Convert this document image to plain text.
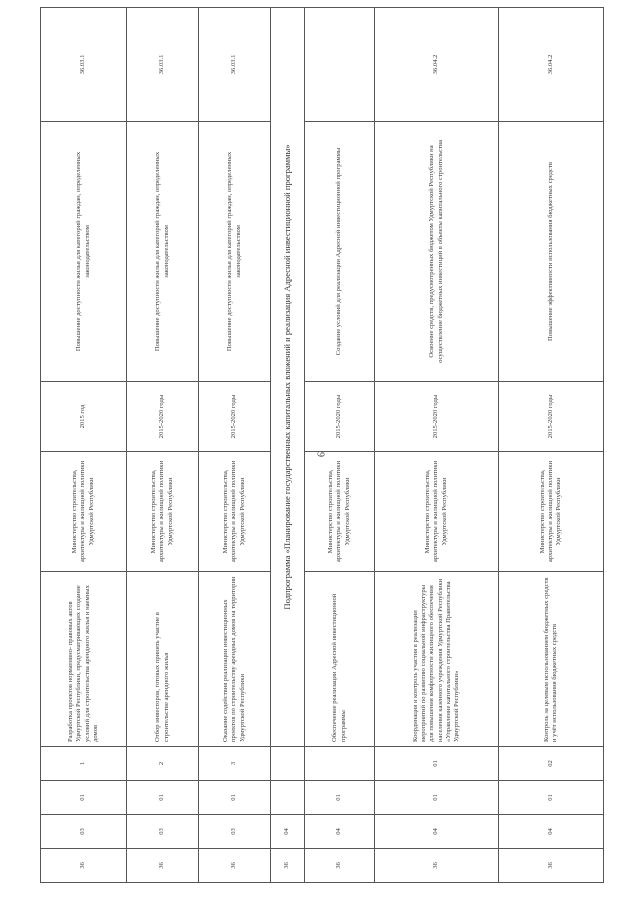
9
36	03	01	1	Разработка проектов нормативно- правовых актов Удмуртской Республики, предусматривающих создание условий для строительства арендного жилья и наемных домов	Министерство строительства, архитектуры и жилищной политики Удмуртской Республики	2015 год	Повышение доступности жилья для категорий граждан, определенных законодательством	36.03.1
36	03	01	2	Отбор инвесторов, готовых принять участие в строительстве арендного жилья	Министерство строительства, архитектуры и жилищной политики Удмуртской Республики	2015-2020 годы	Повышение доступности жилья для категорий граждан, определенных законодательством	36.03.1
36	03	01	3	Оказание содействия реализации инвестиционных проектов по строительству арендных домов на территории Удмуртской Республики	Министерство строительства, архитектуры и жилищной политики Удмуртской Республики	2015-2020 годы	Повышение доступности жилья для категорий граждан, определенных законодательством	36.03.1
36	04			Подпрограмма «Планирование государственных капитальных вложений и реализация Адресной инвестиционной программы»				
36	04	01		Обеспечение реализации Адресной инвестиционной программы	Министерство строительства, архитектуры и жилищной политики Удмуртской Республики	2015-2020 годы	Создание условий для реализации Адресной инвестиционной программы	
36	04	01	01	Координация и контроль участия в реализации мероприятий по развитию социальной инфраструктуры для повышения комфортности жилищного обеспечения населения казенного учреждения Удмуртской Республики «Управление капитального строительства Правительства Удмуртской Республики»	Министерство строительства, архитектуры и жилищной политики Удмуртской Республики	2015-2020 годы	Освоение средств, предусмотренных бюджетом Удмуртской Республики на осуществление бюджетных инвестиций в объекты капитального строительства	36.04.2
36	04	01	02	Контроль за целевым использованием бюджетных средств и учёт использования бюджетных средств	Министерство строительства, архитектуры и жилищной политики Удмуртской Республики	2015-2020 годы	Повышение эффективности использования бюджетных средств	36.04.2
